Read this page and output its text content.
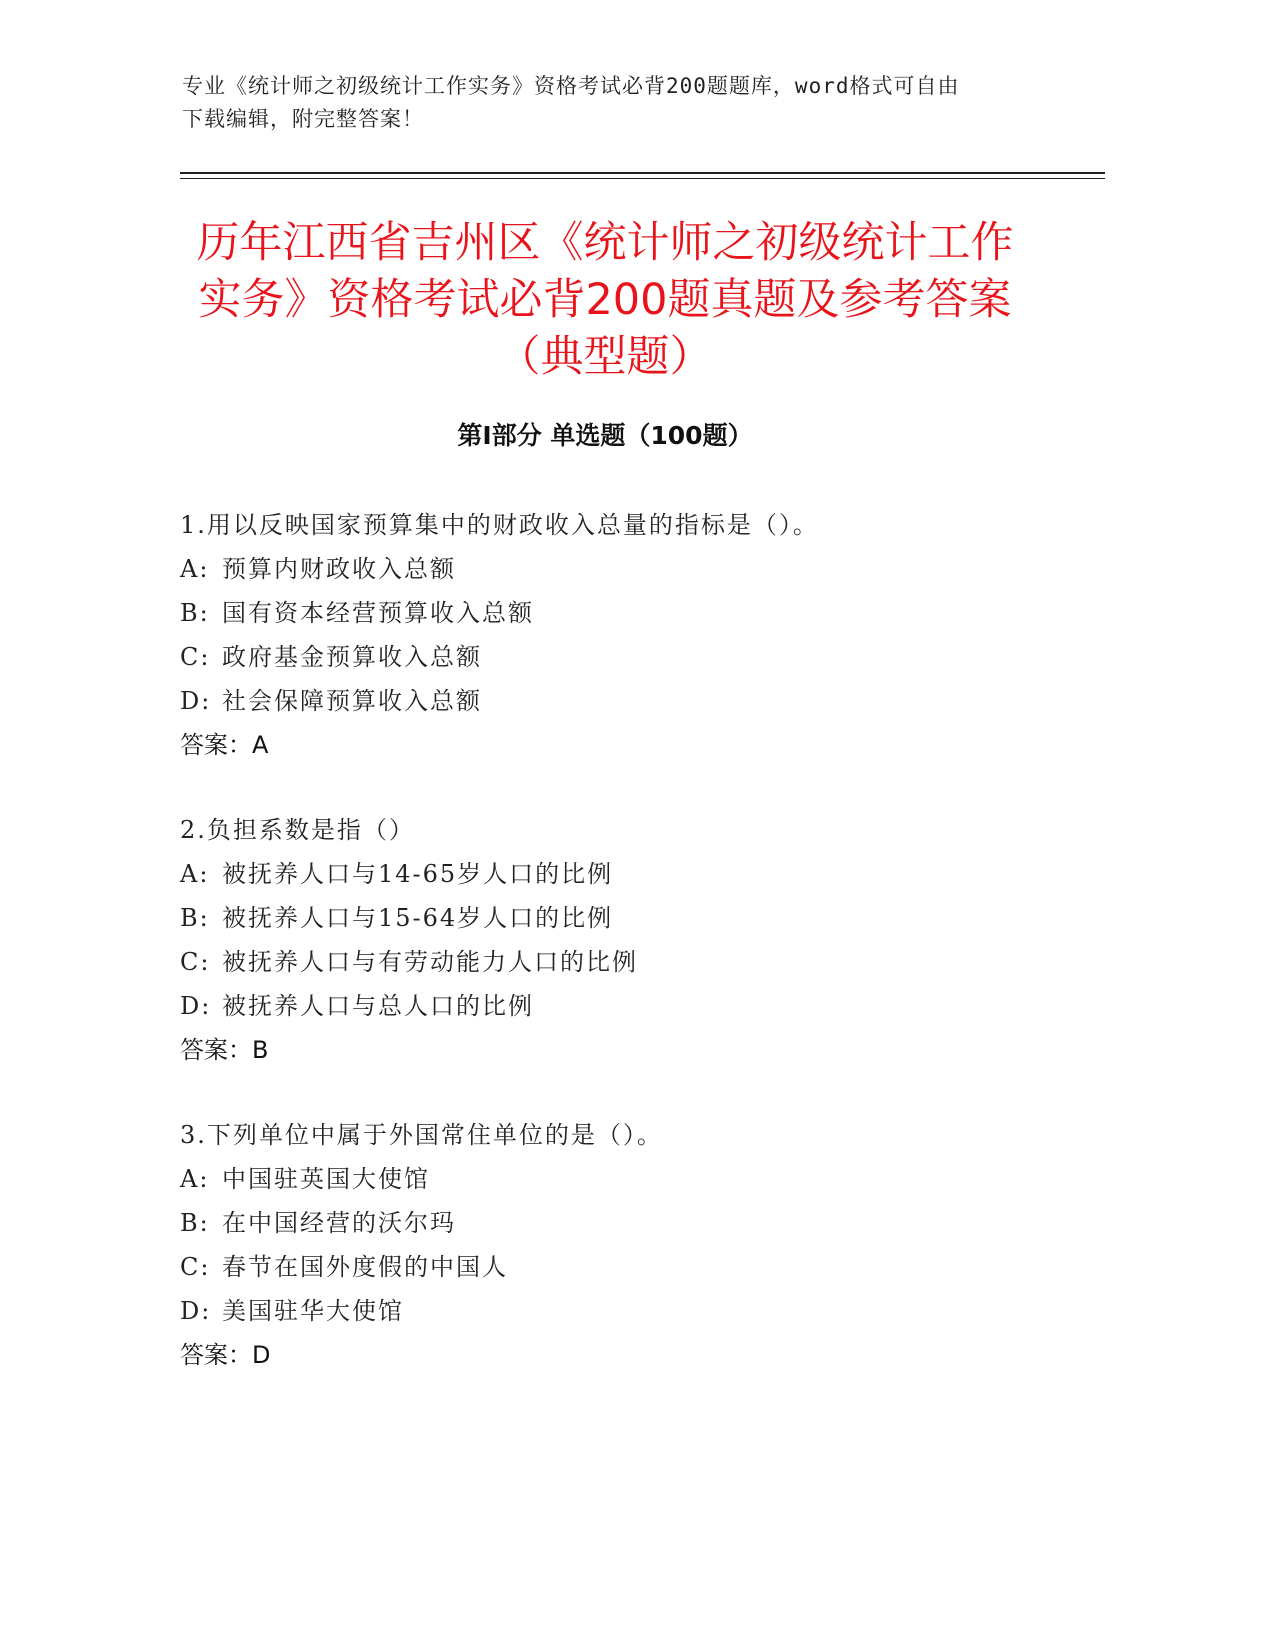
专业《统计师之初级统计工作实务》资格考试必背200题题库，word格式可自由
下载编辑，附完整答案！
历年江西省吉州区《统计师之初级统计工作
实务》资格考试必背200题真题及参考答案
（典型题）
第Ⅰ部分 单选题（100题）
1.用以反映国家预算集中的财政收入总量的指标是（）。
A: 预算内财政收入总额
B: 国有资本经营预算收入总额
C: 政府基金预算收入总额
D: 社会保障预算收入总额
答案：A
2.负担系数是指（）
A: 被抚养人口与14-65岁人口的比例
B: 被抚养人口与15-64岁人口的比例
C: 被抚养人口与有劳动能力人口的比例
D: 被抚养人口与总人口的比例
答案：B
3.下列单位中属于外国常住单位的是（）。
A: 中国驻英国大使馆
B: 在中国经营的沃尔玛
C: 春节在国外度假的中国人
D: 美国驻华大使馆
答案：D
